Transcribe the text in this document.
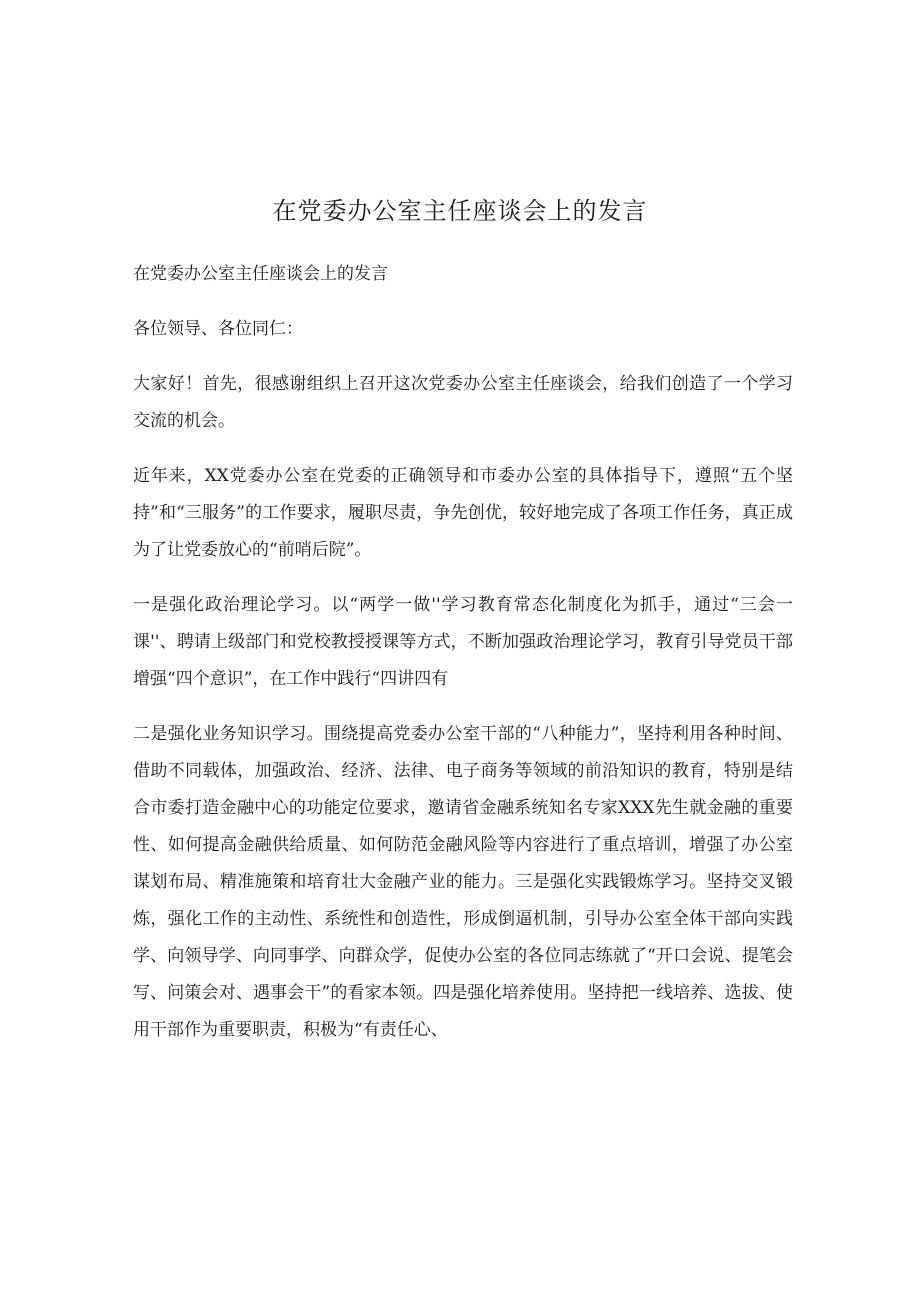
在党委办公室主任座谈会上的发言

在党委办公室主任座谈会上的发言

各位领导、各位同仁：

大家好！首先，很感谢组织上召开这次党委办公室主任座谈会，给我们创造了一个学习交流的机会。

近年来，XX党委办公室在党委的正确领导和市委办公室的具体指导下，遵照“五个坚持”和“三服务”的工作要求，履职尽责，争先创优，较好地完成了各项工作任务，真正成为了让党委放心的“前哨后院”。

一是强化政治理论学习。以“两学一做''学习教育常态化制度化为抓手，通过“三会一课''、聘请上级部门和党校教授授课等方式，不断加强政治理论学习，教育引导党员干部增强“四个意识”，在工作中践行“四讲四有

二是强化业务知识学习。围绕提高党委办公室干部的“八种能力”，坚持利用各种时间、借助不同载体，加强政治、经济、法律、电子商务等领域的前沿知识的教育，特别是结合市委打造金融中心的功能定位要求，邀请省金融系统知名专家XXX先生就金融的重要性、如何提高金融供给质量、如何防范金融风险等内容进行了重点培训，增强了办公室谋划布局、精准施策和培育壮大金融产业的能力。三是强化实践锻炼学习。坚持交叉锻炼，强化工作的主动性、系统性和创造性，形成倒逼机制，引导办公室全体干部向实践学、向领导学、向同事学、向群众学，促使办公室的各位同志练就了“开口会说、提笔会写、问策会对、遇事会干”的看家本领。四是强化培养使用。坚持把一线培养、选拔、使用干部作为重要职责，积极为“有责任心、
